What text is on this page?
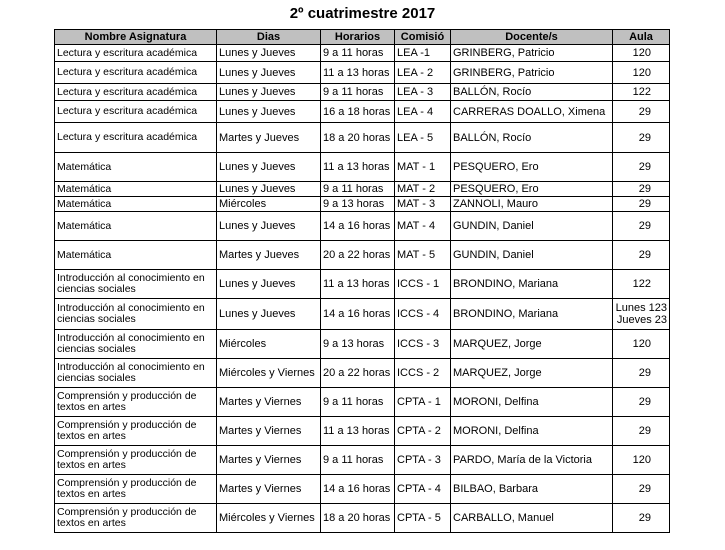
2º cuatrimestre 2017
Nombre Asignatura	Dias	Horarios	Comisió	Docente/s	Aula
Lectura y escritura académica	Lunes y Jueves	9 a 11 horas	LEA -1	GRINBERG, Patricio	120
Lectura y escritura académica	Lunes y Jueves	11 a 13 horas	LEA - 2	GRINBERG, Patricio	120
Lectura y escritura académica	Lunes y Jueves	9 a 11 horas	LEA - 3	BALLÓN, Rocío	122
Lectura y escritura académica	Lunes y Jueves	16 a 18 horas	LEA - 4	CARRERAS DOALLO, Ximena	29
Lectura y escritura académica	Martes y Jueves	18 a 20 horas	LEA - 5	BALLÓN, Rocío	29
Matemática	Lunes y Jueves	11 a 13 horas	MAT - 1	PESQUERO, Ero	29
Matemática	Lunes y Jueves	9 a 11 horas	MAT - 2	PESQUERO, Ero	29
Matemática	Miércoles	9 a 13 horas	MAT - 3	ZANNOLI, Mauro	29
Matemática	Lunes y Jueves	14 a 16 horas	MAT - 4	GUNDIN, Daniel	29
Matemática	Martes y Jueves	20 a 22 horas	MAT - 5	GUNDIN, Daniel	29
Introducción al conocimiento en ciencias sociales	Lunes y Jueves	11 a 13 horas	ICCS - 1	BRONDINO, Mariana	122
Introducción al conocimiento en ciencias sociales	Lunes y Jueves	14 a 16 horas	ICCS - 4	BRONDINO, Mariana	Lunes 123
Jueves 23

Introducción al conocimiento en ciencias sociales	Miércoles	9 a 13 horas	ICCS - 3	MARQUEZ, Jorge	120
Introducción al conocimiento en ciencias sociales	Miércoles y Viernes	20 a 22 horas	ICCS - 2	MARQUEZ, Jorge	29
Comprensión y producción de textos en artes	Martes y Viernes	9 a 11 horas	CPTA - 1	MORONI, Delfina	29
Comprensión y producción de textos en artes	Martes y Viernes	11 a 13 horas	CPTA - 2	MORONI, Delfina	29
Comprensión y producción de textos en artes	Martes y Viernes	9 a 11 horas	CPTA - 3	PARDO, María de la Victoria	120
Comprensión y producción de textos en artes	Martes y Viernes	14 a 16 horas	CPTA - 4	BILBAO, Barbara	29
Comprensión y producción de textos en artes	Miércoles y Viernes	18 a 20 horas	CPTA - 5	CARBALLO, Manuel	29
